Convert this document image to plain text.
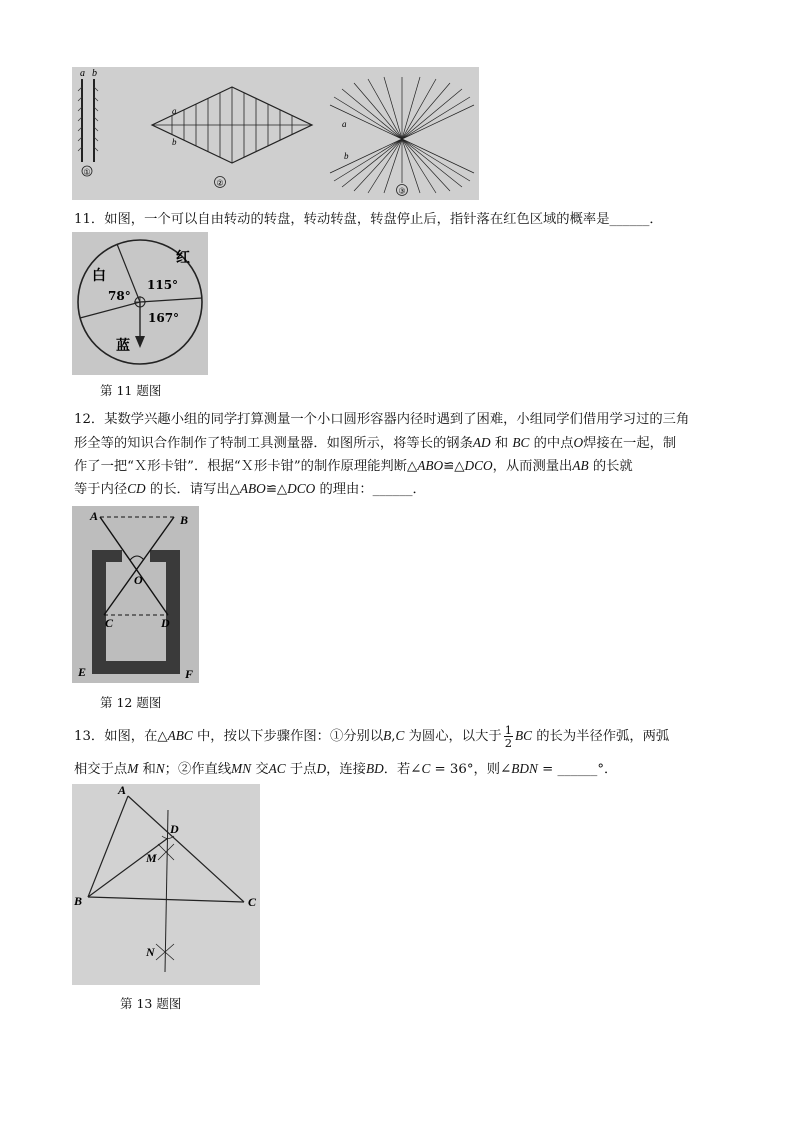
a b
①
a
b
②
a
b
③
11．如图，一个可以自由转动的转盘，转动转盘，转盘停止后，指针落在红色区域的概率是______．
红
白
蓝
78°
115°
167°
第 11 题图
12．某数学兴趣小组的同学打算测量一个小口圆形容器内径时遇到了困难，小组同学们借用学习过的三角
形全等的知识合作制作了特制工具测量器．如图所示，将等长的钢条AD 和 BC 的中点O焊接在一起，制
作了一把“Ｘ形卡钳”．根据“Ｘ形卡钳”的制作原理能判断△ABO≌△DCO，从而测量出AB 的长就
等于内径CD 的长．请写出△ABO≌△DCO 的理由：______．
A	B
O
C	D
E	F
第 12 题图
13．如图，在△ABC 中，按以下步骤作图：①分别以B,C 为圆心，以大于 $\frac{1}{2}$ BC 的长为半径作弧，两弧
相交于点M 和N；②作直线MN 交AC 于点D，连接BD．若∠C = 36°，则∠BDN = ______°．
A
B	C
D
M
N
第 13 题图
